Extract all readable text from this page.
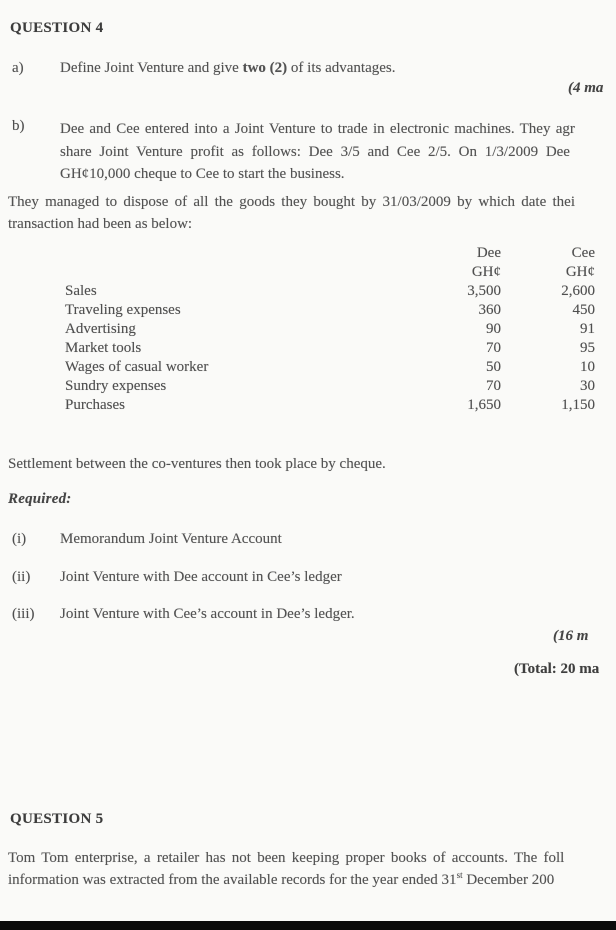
QUESTION 4
a) Define Joint Venture and give two (2) of its advantages.
(4 ma
b) Dee and Cee entered into a Joint Venture to trade in electronic machines. They agr
share Joint Venture profit as follows: Dee 3/5 and Cee 2/5. On 1/3/2009 Dee
GH¢10,000 cheque to Cee to start the business.
They managed to dispose of all the goods they bought by 31/03/2009 by which date thei
transaction had been as below:
Dee	Cee
GH¢	GH¢
Sales	3,500	2,600
Traveling expenses	360	450
Advertising	90	91
Market tools	70	95
Wages of casual worker	50	10
Sundry expenses	70	30
Purchases	1,650	1,150
Settlement between the co-ventures then took place by cheque.
Required:
(i) Memorandum Joint Venture Account
(ii) Joint Venture with Dee account in Cee’s ledger
(iii) Joint Venture with Cee’s account in Dee’s ledger.
(16 m
(Total: 20 ma
QUESTION 5
Tom Tom enterprise, a retailer has not been keeping proper books of accounts. The foll
information was extracted from the available records for the year ended 31st December 200
